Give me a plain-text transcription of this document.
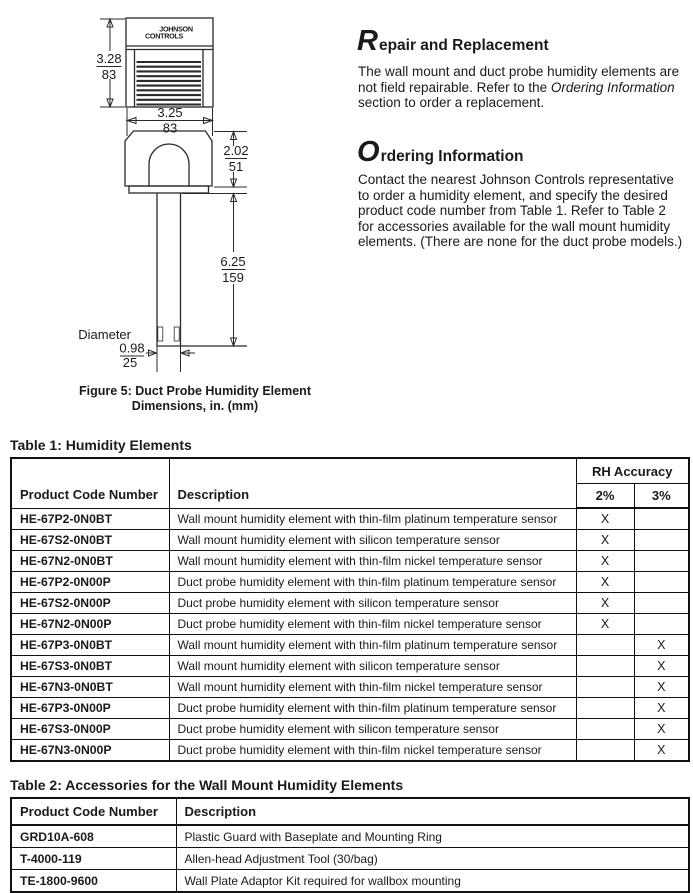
JOHNSON
CONTROLS
3.28
83
3.25
83
2.02
51
6.25
159
Diameter
0.98
25
Figure 5: Duct Probe Humidity Element
Dimensions, in. (mm)
R epair and Replacement
The wall mount and duct probe humidity elements are
not field repairable. Refer to the Ordering Information
section to order a replacement.
O rdering Information
Contact the nearest Johnson Controls representative
to order a humidity element, and specify the desired
product code number from Table 1. Refer to Table 2
for accessories available for the wall mount humidity
elements. (There are none for the duct probe models.)
Table 1: Humidity Elements
Product Code Number	Description	RH Accuracy	
		2%	3%
HE-67P2-0N0BT	Wall mount humidity element with thin-film platinum temperature sensor	X	
HE-67S2-0N0BT	Wall mount humidity element with silicon temperature sensor	X	
HE-67N2-0N0BT	Wall mount humidity element with thin-film nickel temperature sensor	X	
HE-67P2-0N00P	Duct probe humidity element with thin-film platinum temperature sensor	X	
HE-67S2-0N00P	Duct probe humidity element with silicon temperature sensor	X	
HE-67N2-0N00P	Duct probe humidity element with thin-film nickel temperature sensor	X	
HE-67P3-0N0BT	Wall mount humidity element with thin-film platinum temperature sensor		X
HE-67S3-0N0BT	Wall mount humidity element with silicon temperature sensor		X
HE-67N3-0N0BT	Wall mount humidity element with thin-film nickel temperature sensor		X
HE-67P3-0N00P	Duct probe humidity element with thin-film platinum temperature sensor		X
HE-67S3-0N00P	Duct probe humidity element with silicon temperature sensor		X
HE-67N3-0N00P	Duct probe humidity element with thin-film nickel temperature sensor		X
Table 2: Accessories for the Wall Mount Humidity Elements
Product Code Number	Description
GRD10A-608	Plastic Guard with Baseplate and Mounting Ring
T-4000-119	Allen-head Adjustment Tool (30/bag)
TE-1800-9600	Wall Plate Adaptor Kit required for wallbox mounting
